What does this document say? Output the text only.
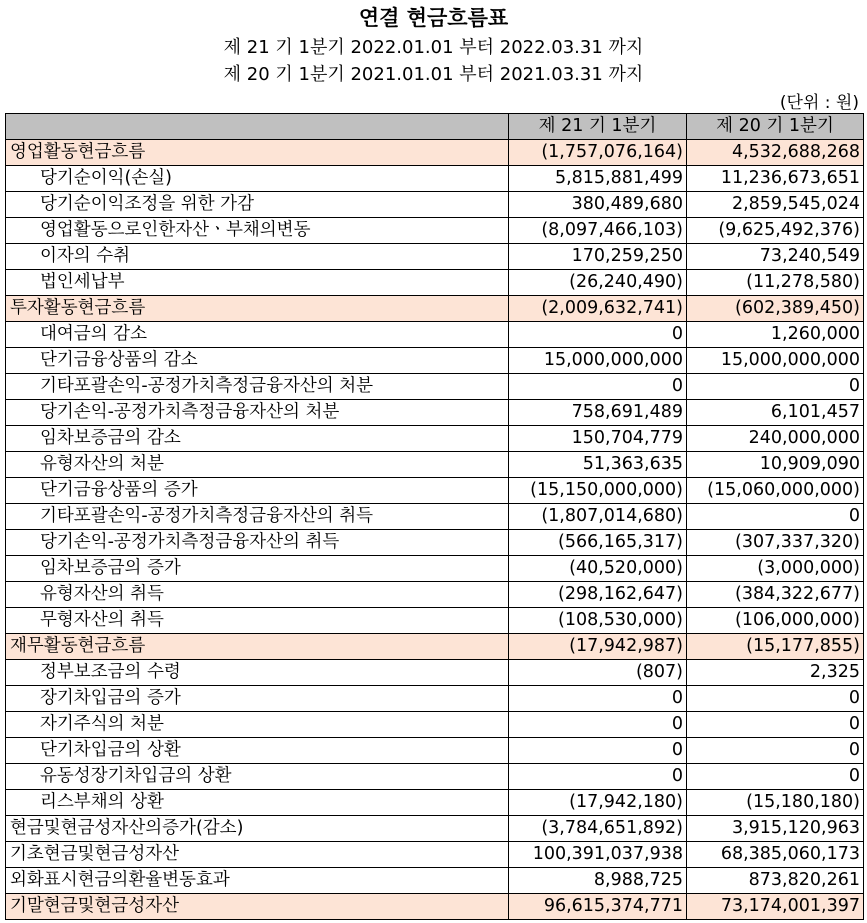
연결 현금흐름표
제 21 기 1분기 2022.01.01 부터 2022.03.31 까지
제 20 기 1분기 2021.01.01 부터 2021.03.31 까지
(단위 : 원)
	제 21 기 1분기	제 20 기 1분기
영업활동현금흐름	(1,757,076,164)	4,532,688,268
당기순이익(손실)	5,815,881,499	11,236,673,651
당기순이익조정을 위한 가감	380,489,680	2,859,545,024
영업활동으로인한자산ㆍ부채의변동	(8,097,466,103)	(9,625,492,376)
이자의 수취	170,259,250	73,240,549
법인세납부	(26,240,490)	(11,278,580)
투자활동현금흐름	(2,009,632,741)	(602,389,450)
대여금의 감소	0	1,260,000
단기금융상품의 감소	15,000,000,000	15,000,000,000
기타포괄손익-공정가치측정금융자산의 처분	0	0
당기손익-공정가치측정금융자산의 처분	758,691,489	6,101,457
임차보증금의 감소	150,704,779	240,000,000
유형자산의 처분	51,363,635	10,909,090
단기금융상품의 증가	(15,150,000,000)	(15,060,000,000)
기타포괄손익-공정가치측정금융자산의 취득	(1,807,014,680)	0
당기손익-공정가치측정금융자산의 취득	(566,165,317)	(307,337,320)
임차보증금의 증가	(40,520,000)	(3,000,000)
유형자산의 취득	(298,162,647)	(384,322,677)
무형자산의 취득	(108,530,000)	(106,000,000)
재무활동현금흐름	(17,942,987)	(15,177,855)
정부보조금의 수령	(807)	2,325
장기차입금의 증가	0	0
자기주식의 처분	0	0
단기차입금의 상환	0	0
유동성장기차입금의 상환	0	0
리스부채의 상환	(17,942,180)	(15,180,180)
현금및현금성자산의증가(감소)	(3,784,651,892)	3,915,120,963
기초현금및현금성자산	100,391,037,938	68,385,060,173
외화표시현금의환율변동효과	8,988,725	873,820,261
기말현금및현금성자산	96,615,374,771	73,174,001,397
